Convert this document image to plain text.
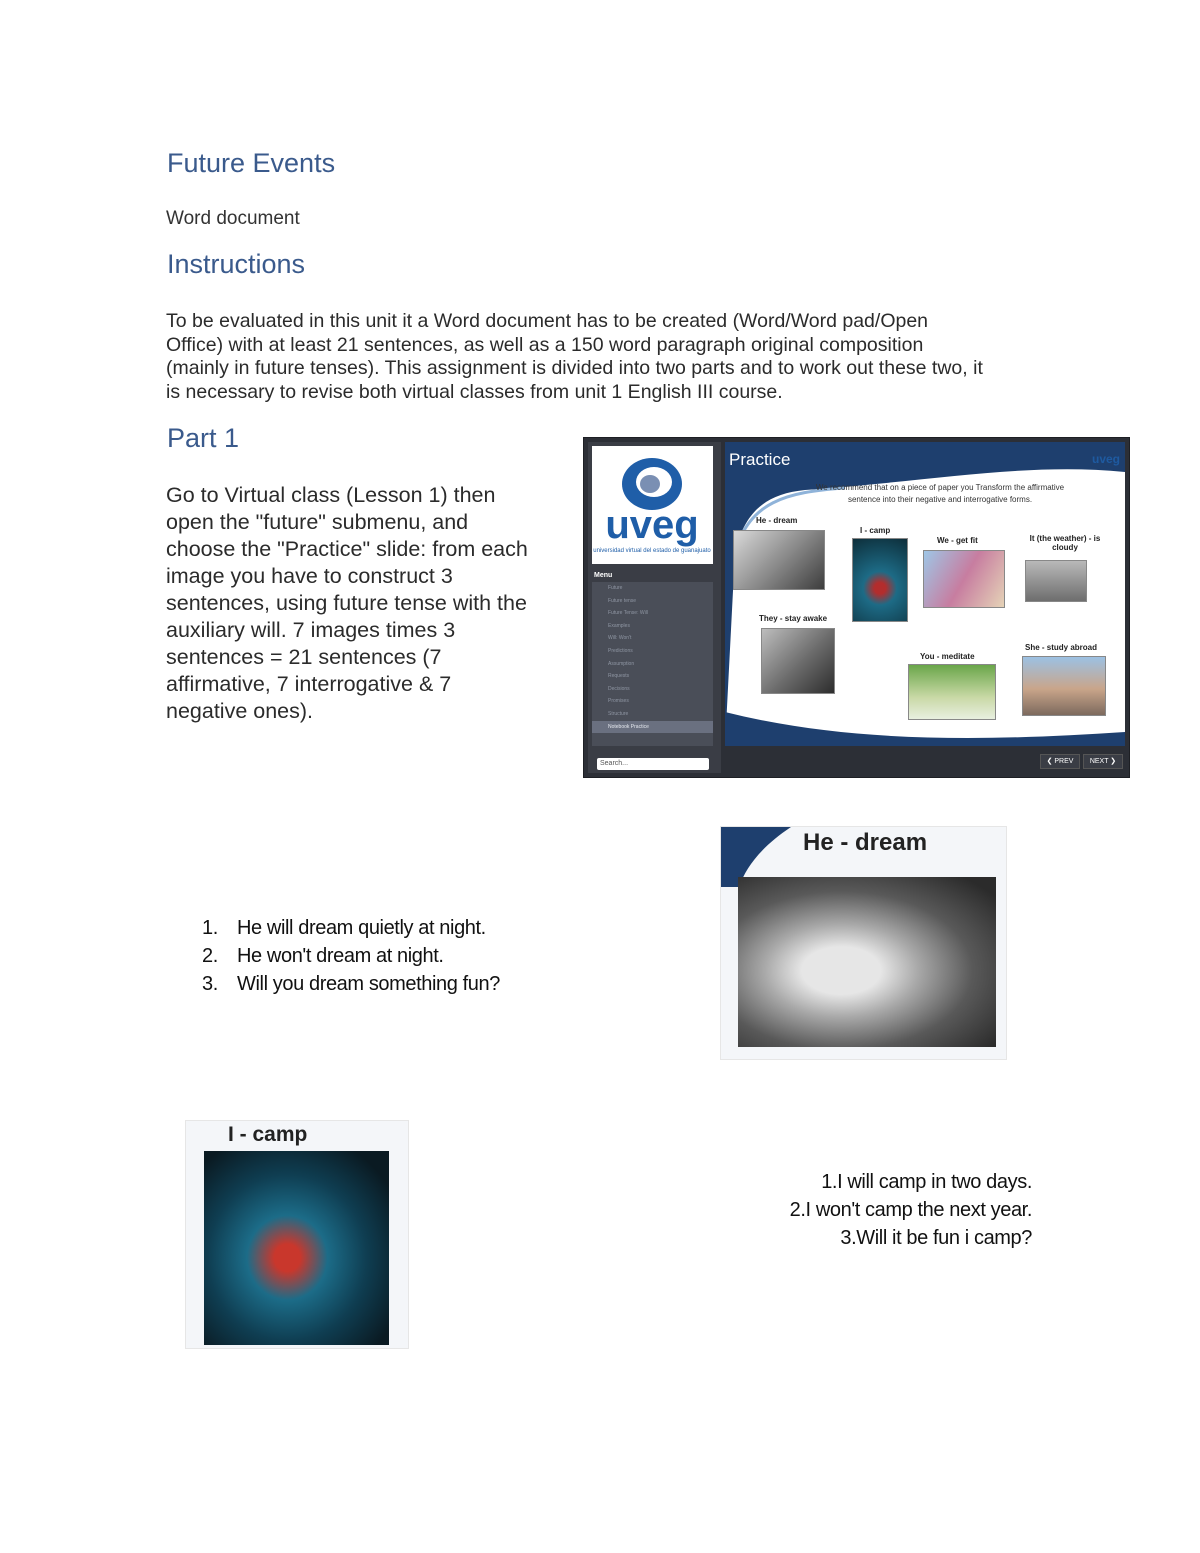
Future Events
Word document
Instructions
To be evaluated in this unit it a Word document has to be created (Word/Word pad/Open
Office) with at least 21 sentences, as well as a 150 word paragraph original composition
(mainly in future tenses). This assignment is divided into two parts and to work out these two, it
is necessary to revise both virtual classes from unit 1 English III course.
Part 1
Go to Virtual class (Lesson 1) then
open the "future" submenu, and
choose the "Practice" slide: from each
image you have to construct 3
sentences, using future tense with the
auxiliary will. 7 images times 3
sentences = 21 sentences (7
affirmative, 7 interrogative & 7
negative ones).
uveg
universidad virtual del estado de guanajuato
Menu
Future
Future tense
Future Tense: Will
Examples
Will: Won't
Predictions
Assumption
Requests
Decisions
Promises
Structure
Notebook Practice
Search...
Practice	uveg
We recommend that on a piece of paper you Transform the affirmative sentence into their negative and interrogative forms.
He - dream
I - camp
We - get fit	It (the weather) - is cloudy
They - stay awake
You - meditate
She - study abroad
❮ PREV	NEXT ❯
1. He will dream quietly at night.
2. He won't dream at night.
3. Will you dream something fun?
He - dream
I - camp
1.I will camp in two days.
2.I won't camp the next year.
3.Will it be fun i camp?
